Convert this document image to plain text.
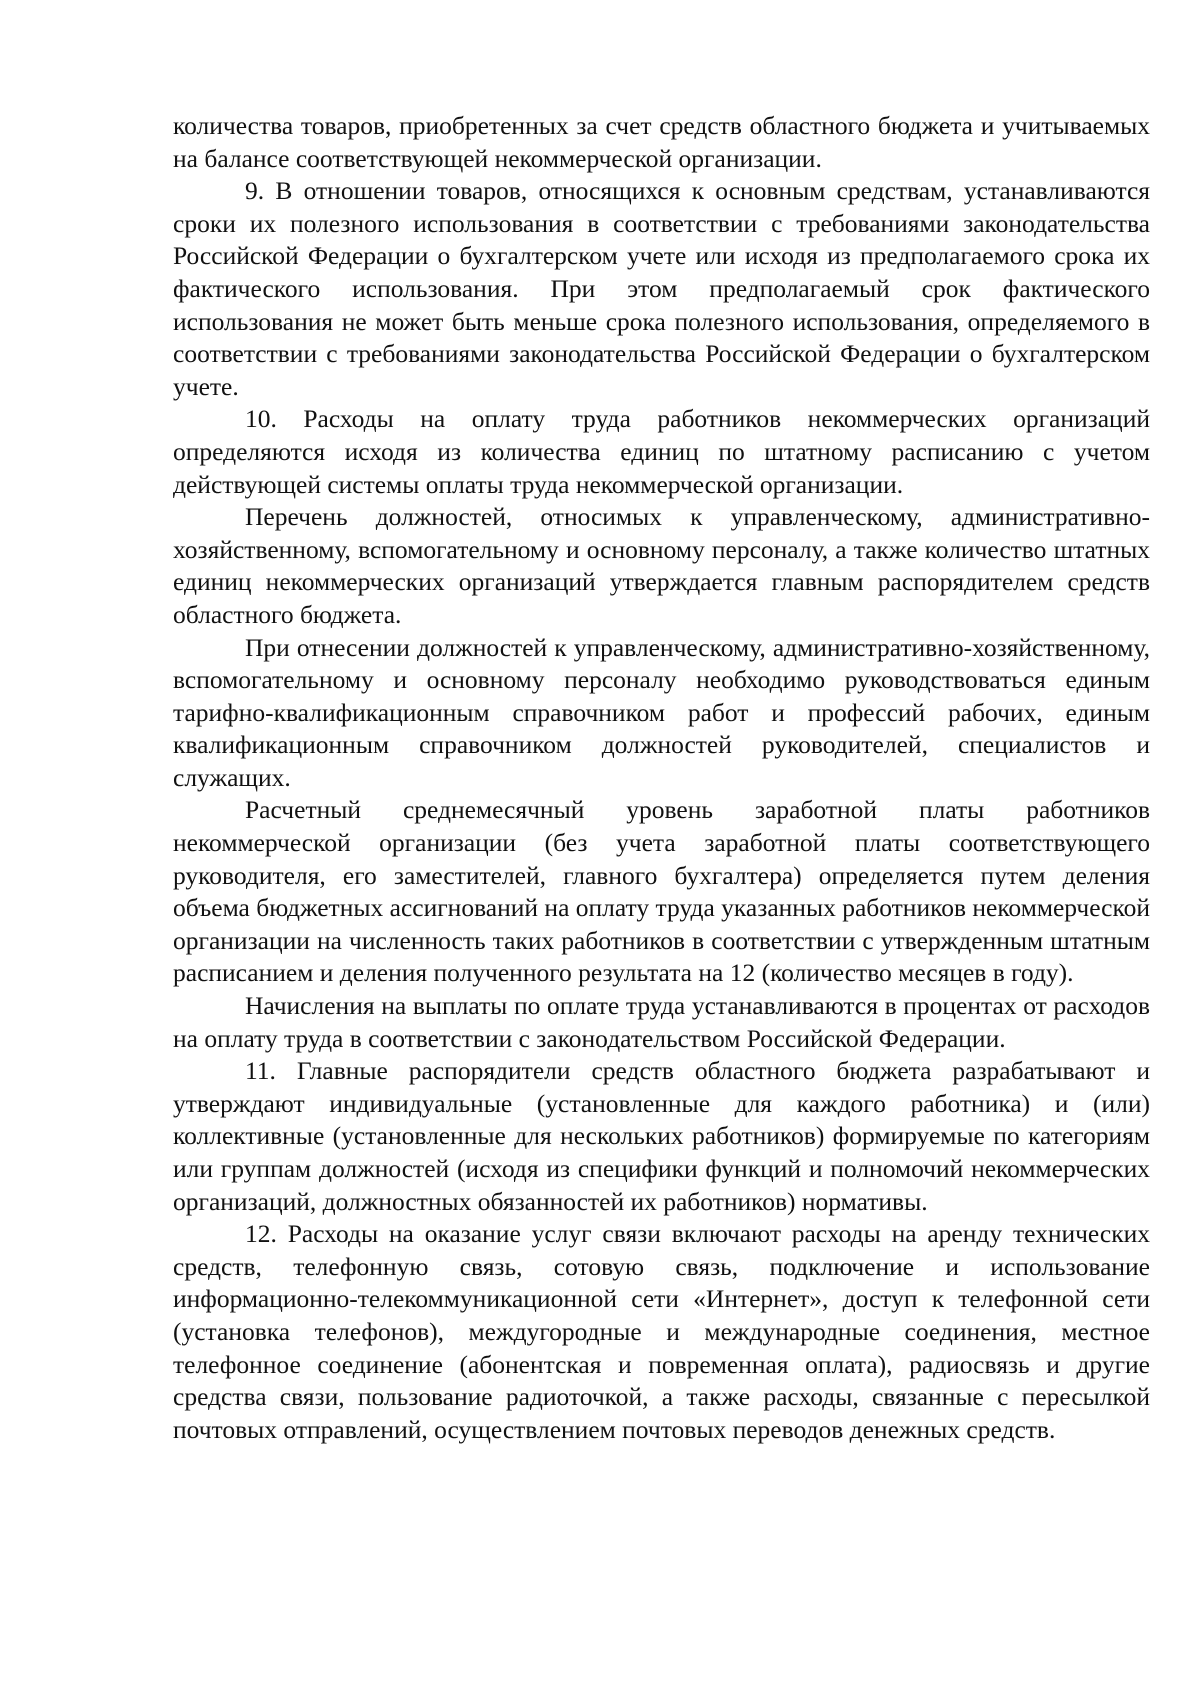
количества товаров, приобретенных за счет средств областного бюджета и учитываемых на балансе соответствующей некоммерческой организации.

9. В отношении товаров, относящихся к основным средствам, устанавливаются сроки их полезного использования в соответствии с требованиями законодательства Российской Федерации о бухгалтерском учете или исходя из предполагаемого срока их фактического использования. При этом предполагаемый срок фактического использования не может быть меньше срока полезного использования, определяемого в соответствии с требованиями законодательства Российской Федерации о бухгалтерском учете.

10. Расходы на оплату труда работников некоммерческих организаций определяются исходя из количества единиц по штатному расписанию с учетом действующей системы оплаты труда некоммерческой организации.

Перечень должностей, относимых к управленческому, административно-хозяйственному, вспомогательному и основному персоналу, а также количество штатных единиц некоммерческих организаций утверждается главным распорядителем средств областного бюджета.

При отнесении должностей к управленческому, административно-хозяйственному, вспомогательному и основному персоналу необходимо руководствоваться единым тарифно-квалификационным справочником работ и профессий рабочих, единым квалификационным справочником должностей руководителей, специалистов и служащих.

Расчетный среднемесячный уровень заработной платы работников некоммерческой организации (без учета заработной платы соответствующего руководителя, его заместителей, главного бухгалтера) определяется путем деления объема бюджетных ассигнований на оплату труда указанных работников некоммерческой организации на численность таких работников в соответствии с утвержденным штатным расписанием и деления полученного результата на 12 (количество месяцев в году).

Начисления на выплаты по оплате труда устанавливаются в процентах от расходов на оплату труда в соответствии с законодательством Российской Федерации.

11. Главные распорядители средств областного бюджета разрабатывают и утверждают индивидуальные (установленные для каждого работника) и (или) коллективные (установленные для нескольких работников) формируемые по категориям или группам должностей (исходя из специфики функций и полномочий некоммерческих организаций, должностных обязанностей их работников) нормативы.

12. Расходы на оказание услуг связи включают расходы на аренду технических средств, телефонную связь, сотовую связь, подключение и использование информационно-телекоммуникационной сети «Интернет», доступ к телефонной сети (установка телефонов), междугородные и международные соединения, местное телефонное соединение (абонентская и повременная оплата), радиосвязь и другие средства связи, пользование радиоточкой, а также расходы, связанные с пересылкой почтовых отправлений, осуществлением почтовых переводов денежных средств.
